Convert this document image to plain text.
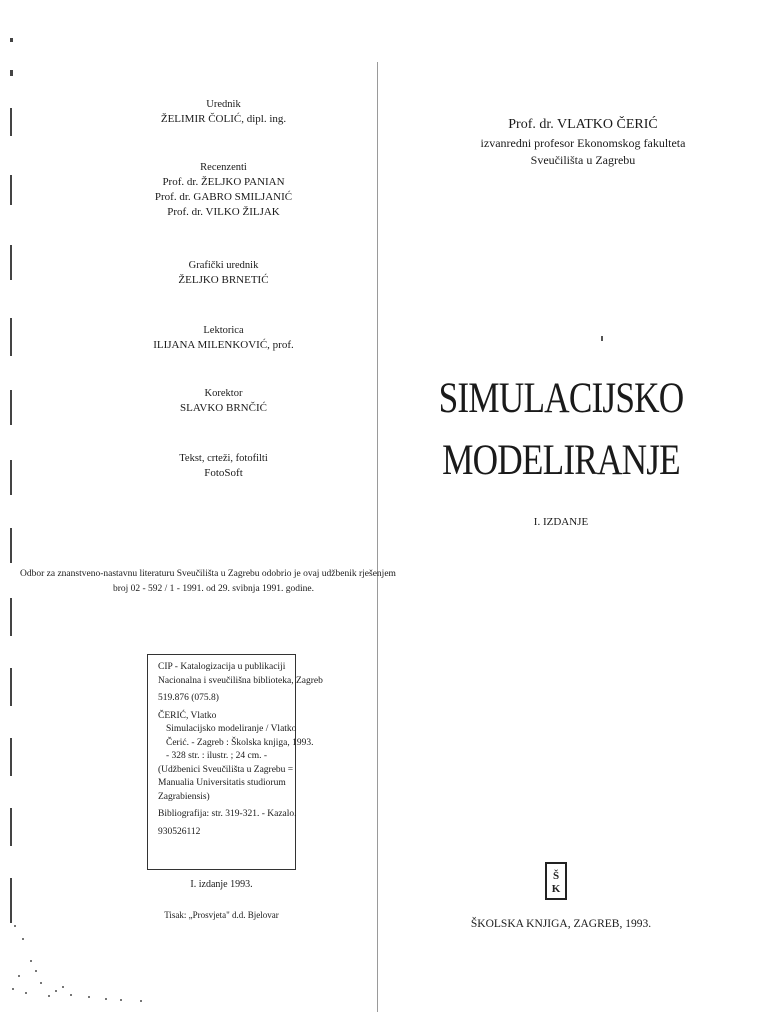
Urednik
ŽELIMIR ČOLIĆ, dipl. ing.
Recenzenti
Prof. dr. ŽELJKO PANIAN
Prof. dr. GABRO SMILJANIĆ
Prof. dr. VILKO ŽILJAK
Grafički urednik
ŽELJKO BRNETIĆ
Lektorica
ILIJANA MILENKOVIĆ, prof.
Korektor
SLAVKO BRNČIĆ
Tekst, crteži, fotofilti
FotoSoft
Odbor za znanstveno-nastavnu literaturu Sveučilišta u Zagrebu odobrio je ovaj udžbenik rješenjem
broj 02 - 592 / 1 - 1991. od 29. svibnja 1991. godine.
CIP - Katalogizacija u publikaciji
Nacionalna i sveučilišna biblioteka, Zagreb
519.876 (075.8)
ČERIĆ, Vlatko
Simulacijsko modeliranje / Vlatko
Čerić. - Zagreb : Školska knjiga, 1993.
- 328 str. : ilustr. ; 24 cm. -
(Udžbenici Sveučilišta u Zagrebu =
Manualia Universitatis studiorum
Zagrabiensis)
Bibliografija: str. 319-321. - Kazalo.
930526112
I. izdanje 1993.
Tisak: „Prosvjeta" d.d. Bjelovar
Prof. dr. VLATKO ČERIĆ
izvanredni profesor Ekonomskog fakulteta
Sveučilišta u Zagrebu
SIMULACIJSKO
MODELIRANJE
I. IZDANJE
Š
K
ŠKOLSKA KNJIGA, ZAGREB, 1993.
